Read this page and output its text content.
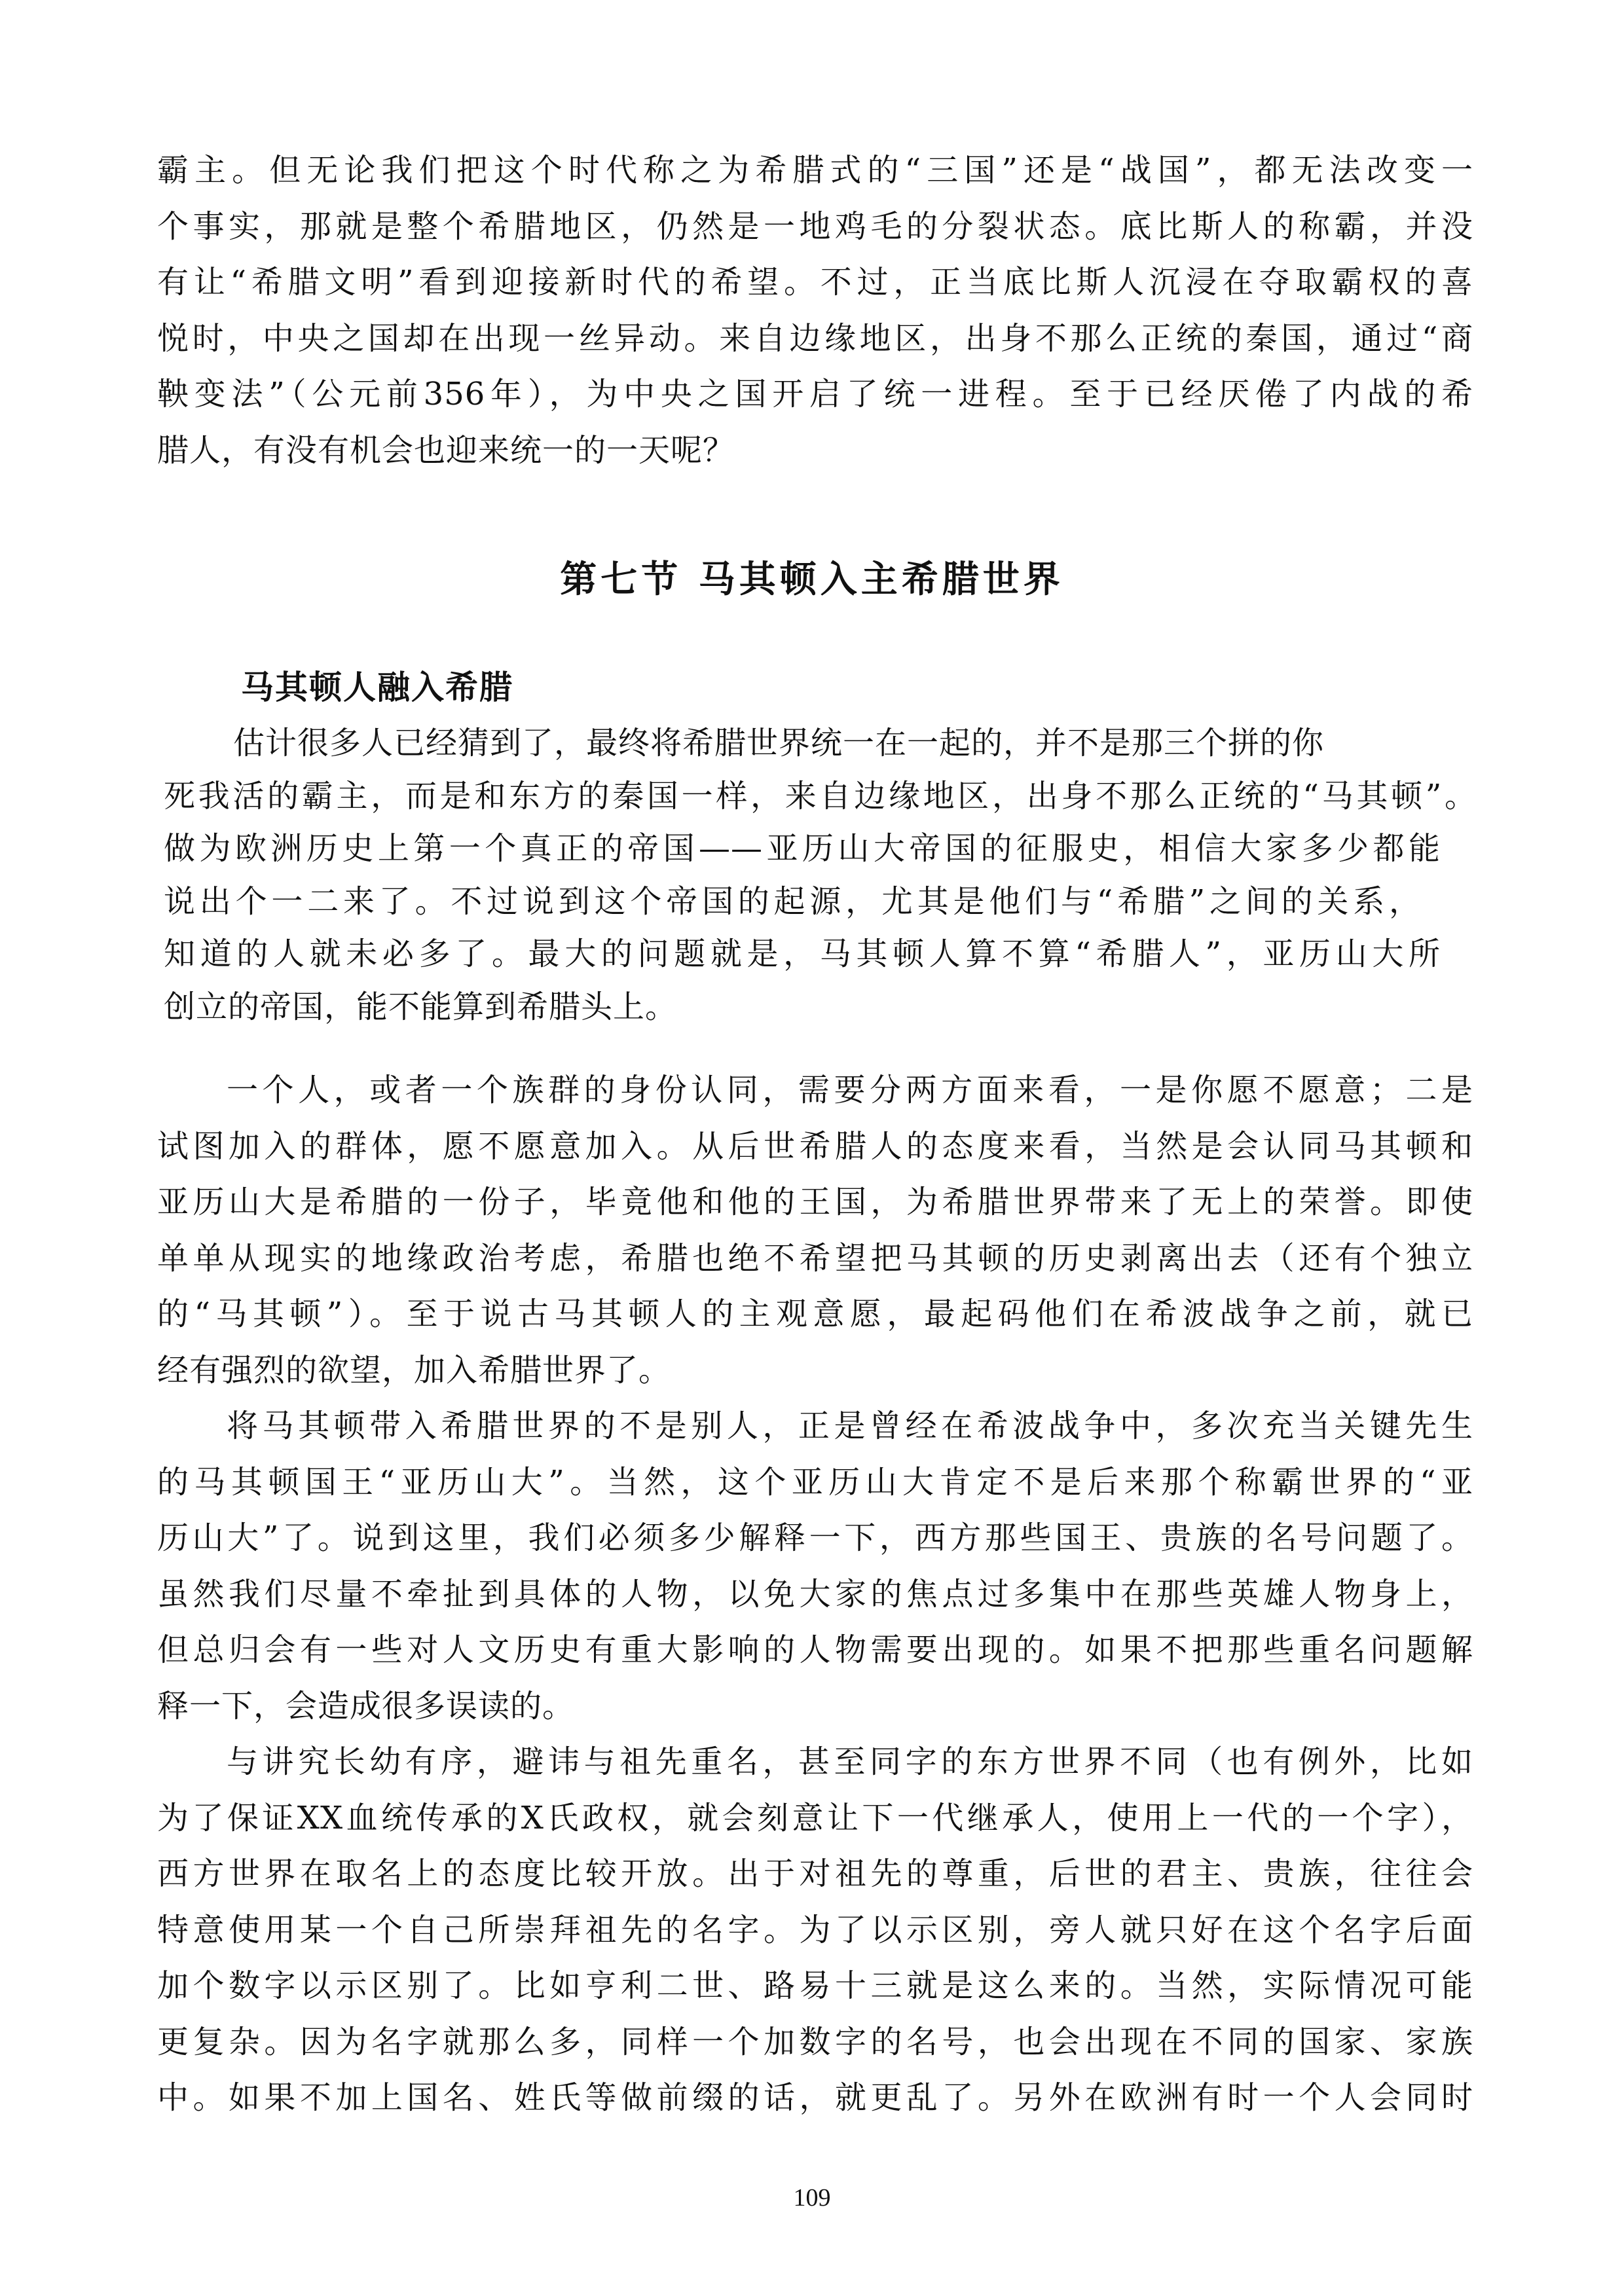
霸主。但无论我们把这个时代称之为希腊式的“三国”还是“战国”，都无法改变一
个事实，那就是整个希腊地区，仍然是一地鸡毛的分裂状态。底比斯人的称霸，并没
有让“希腊文明”看到迎接新时代的希望。不过，正当底比斯人沉浸在夺取霸权的喜
悦时，中央之国却在出现一丝异动。来自边缘地区，出身不那么正统的秦国，通过“商
鞅变法”（公元前356年），为中央之国开启了统一进程。至于已经厌倦了内战的希
腊人，有没有机会也迎来统一的一天呢？
第七节 马其顿入主希腊世界
马其顿人融入希腊
估计很多人已经猜到了，最终将希腊世界统一在一起的，并不是那三个拼的你
死我活的霸主，而是和东方的秦国一样，来自边缘地区，出身不那么正统的“马其顿”。
做为欧洲历史上第一个真正的帝国——亚历山大帝国的征服史，相信大家多少都能
说出个一二来了。不过说到这个帝国的起源，尤其是他们与“希腊”之间的关系，
知道的人就未必多了。最大的问题就是，马其顿人算不算“希腊人”，亚历山大所
创立的帝国，能不能算到希腊头上。
一个人，或者一个族群的身份认同，需要分两方面来看，一是你愿不愿意；二是
试图加入的群体，愿不愿意加入。从后世希腊人的态度来看，当然是会认同马其顿和
亚历山大是希腊的一份子，毕竟他和他的王国，为希腊世界带来了无上的荣誉。即使
单单从现实的地缘政治考虑，希腊也绝不希望把马其顿的历史剥离出去（还有个独立
的“马其顿”）。至于说古马其顿人的主观意愿，最起码他们在希波战争之前，就已
经有强烈的欲望，加入希腊世界了。
将马其顿带入希腊世界的不是别人，正是曾经在希波战争中，多次充当关键先生
的马其顿国王“亚历山大”。当然，这个亚历山大肯定不是后来那个称霸世界的“亚
历山大”了。说到这里，我们必须多少解释一下，西方那些国王、贵族的名号问题了。
虽然我们尽量不牵扯到具体的人物，以免大家的焦点过多集中在那些英雄人物身上，
但总归会有一些对人文历史有重大影响的人物需要出现的。如果不把那些重名问题解
释一下，会造成很多误读的。
与讲究长幼有序，避讳与祖先重名，甚至同字的东方世界不同（也有例外，比如
为了保证XX血统传承的X氏政权，就会刻意让下一代继承人，使用上一代的一个字），
西方世界在取名上的态度比较开放。出于对祖先的尊重，后世的君主、贵族，往往会
特意使用某一个自己所崇拜祖先的名字。为了以示区别，旁人就只好在这个名字后面
加个数字以示区别了。比如亨利二世、路易十三就是这么来的。当然，实际情况可能
更复杂。因为名字就那么多，同样一个加数字的名号，也会出现在不同的国家、家族
中。如果不加上国名、姓氏等做前缀的话，就更乱了。另外在欧洲有时一个人会同时
109
